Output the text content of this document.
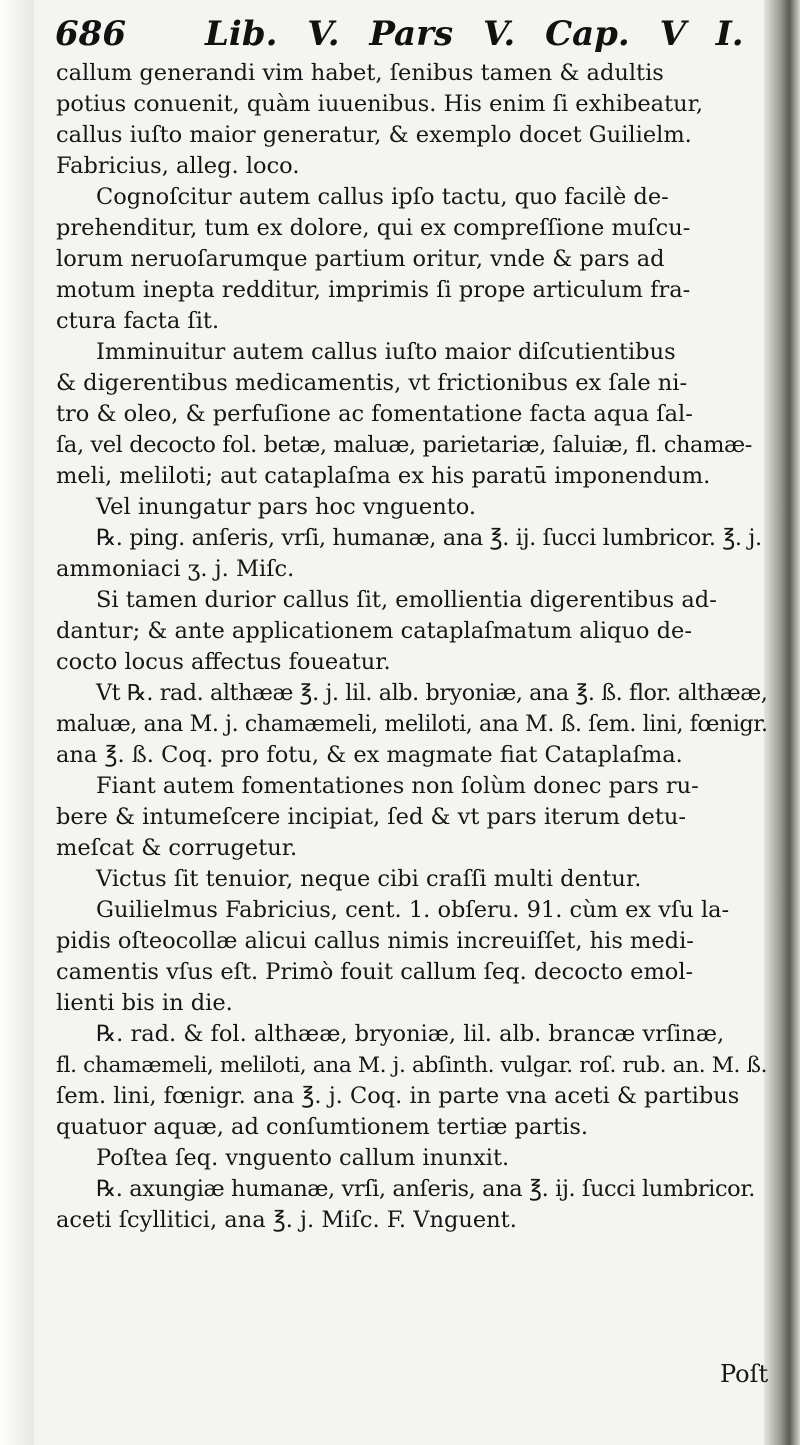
686 Lib. V. Pars V. Cap. V I.
callum generandi vim habet, ſenibus tamen & adultis
potius conuenit, quàm iuuenibus. His enim ſi exhibeatur,
callus iuſto maior generatur, & exemplo docet Guilielm.
Fabricius, alleg. loco.
Cognoſcitur autem callus ipſo tactu, quo facilè de-
prehenditur, tum ex dolore, qui ex compreſſione muſcu-
lorum neruoſarumque partium oritur, vnde & pars ad
motum inepta redditur, imprimis ſi prope articulum fra-
ctura facta ſit.
Imminuitur autem callus iuſto maior diſcutientibus
& digerentibus medicamentis, vt frictionibus ex ſale ni-
tro & oleo, & perfuſione ac fomentatione facta aqua ſal-
ſa, vel decocto fol. betæ, maluæ, parietariæ, ſaluiæ, fl. chamæ-
meli, meliloti; aut cataplaſma ex his paratū imponendum.
Vel inungatur pars hoc vnguento.
℞. ping. anſeris, vrſi, humanæ, ana ℥. ij. ſucci lumbricor. ℥. j.
ammoniaci ʒ. j. Miſc.
Si tamen durior callus ſit, emollientia digerentibus ad-
dantur; & ante applicationem cataplaſmatum aliquo de-
cocto locus affectus foueatur.
Vt ℞. rad. althææ ℥. j. lil. alb. bryoniæ, ana ℥. ß. flor. althææ,
maluæ, ana M. j. chamæmeli, meliloti, ana M. ß. ſem. lini, fœnigr.
ana ℥. ß. Coq. pro fotu, & ex magmate fiat Cataplaſma.
Fiant autem fomentationes non ſolùm donec pars ru-
bere & intumeſcere incipiat, ſed & vt pars iterum detu-
meſcat & corrugetur.
Victus ſit tenuior, neque cibi craſſi multi dentur.
Guilielmus Fabricius, cent. 1. obſeru. 91. cùm ex vſu la-
pidis oſteocollæ alicui callus nimis increuiſſet, his medi-
camentis vſus eſt. Primò fouit callum ſeq. decocto emol-
lienti bis in die.
℞. rad. & fol. althææ, bryoniæ, lil. alb. brancæ vrſinæ,
fl. chamæmeli, meliloti, ana M. j. abſinth. vulgar. roſ. rub. an. M. ß.
ſem. lini, fœnigr. ana ℥. j. Coq. in parte vna aceti & partibus
quatuor aquæ, ad conſumtionem tertiæ partis.
Poſtea ſeq. vnguento callum inunxit.
℞. axungiæ humanæ, vrſi, anſeris, ana ℥. ij. ſucci lumbricor.
aceti ſcyllitici, ana ℥. j. Miſc. F. Vnguent.
Poſt
